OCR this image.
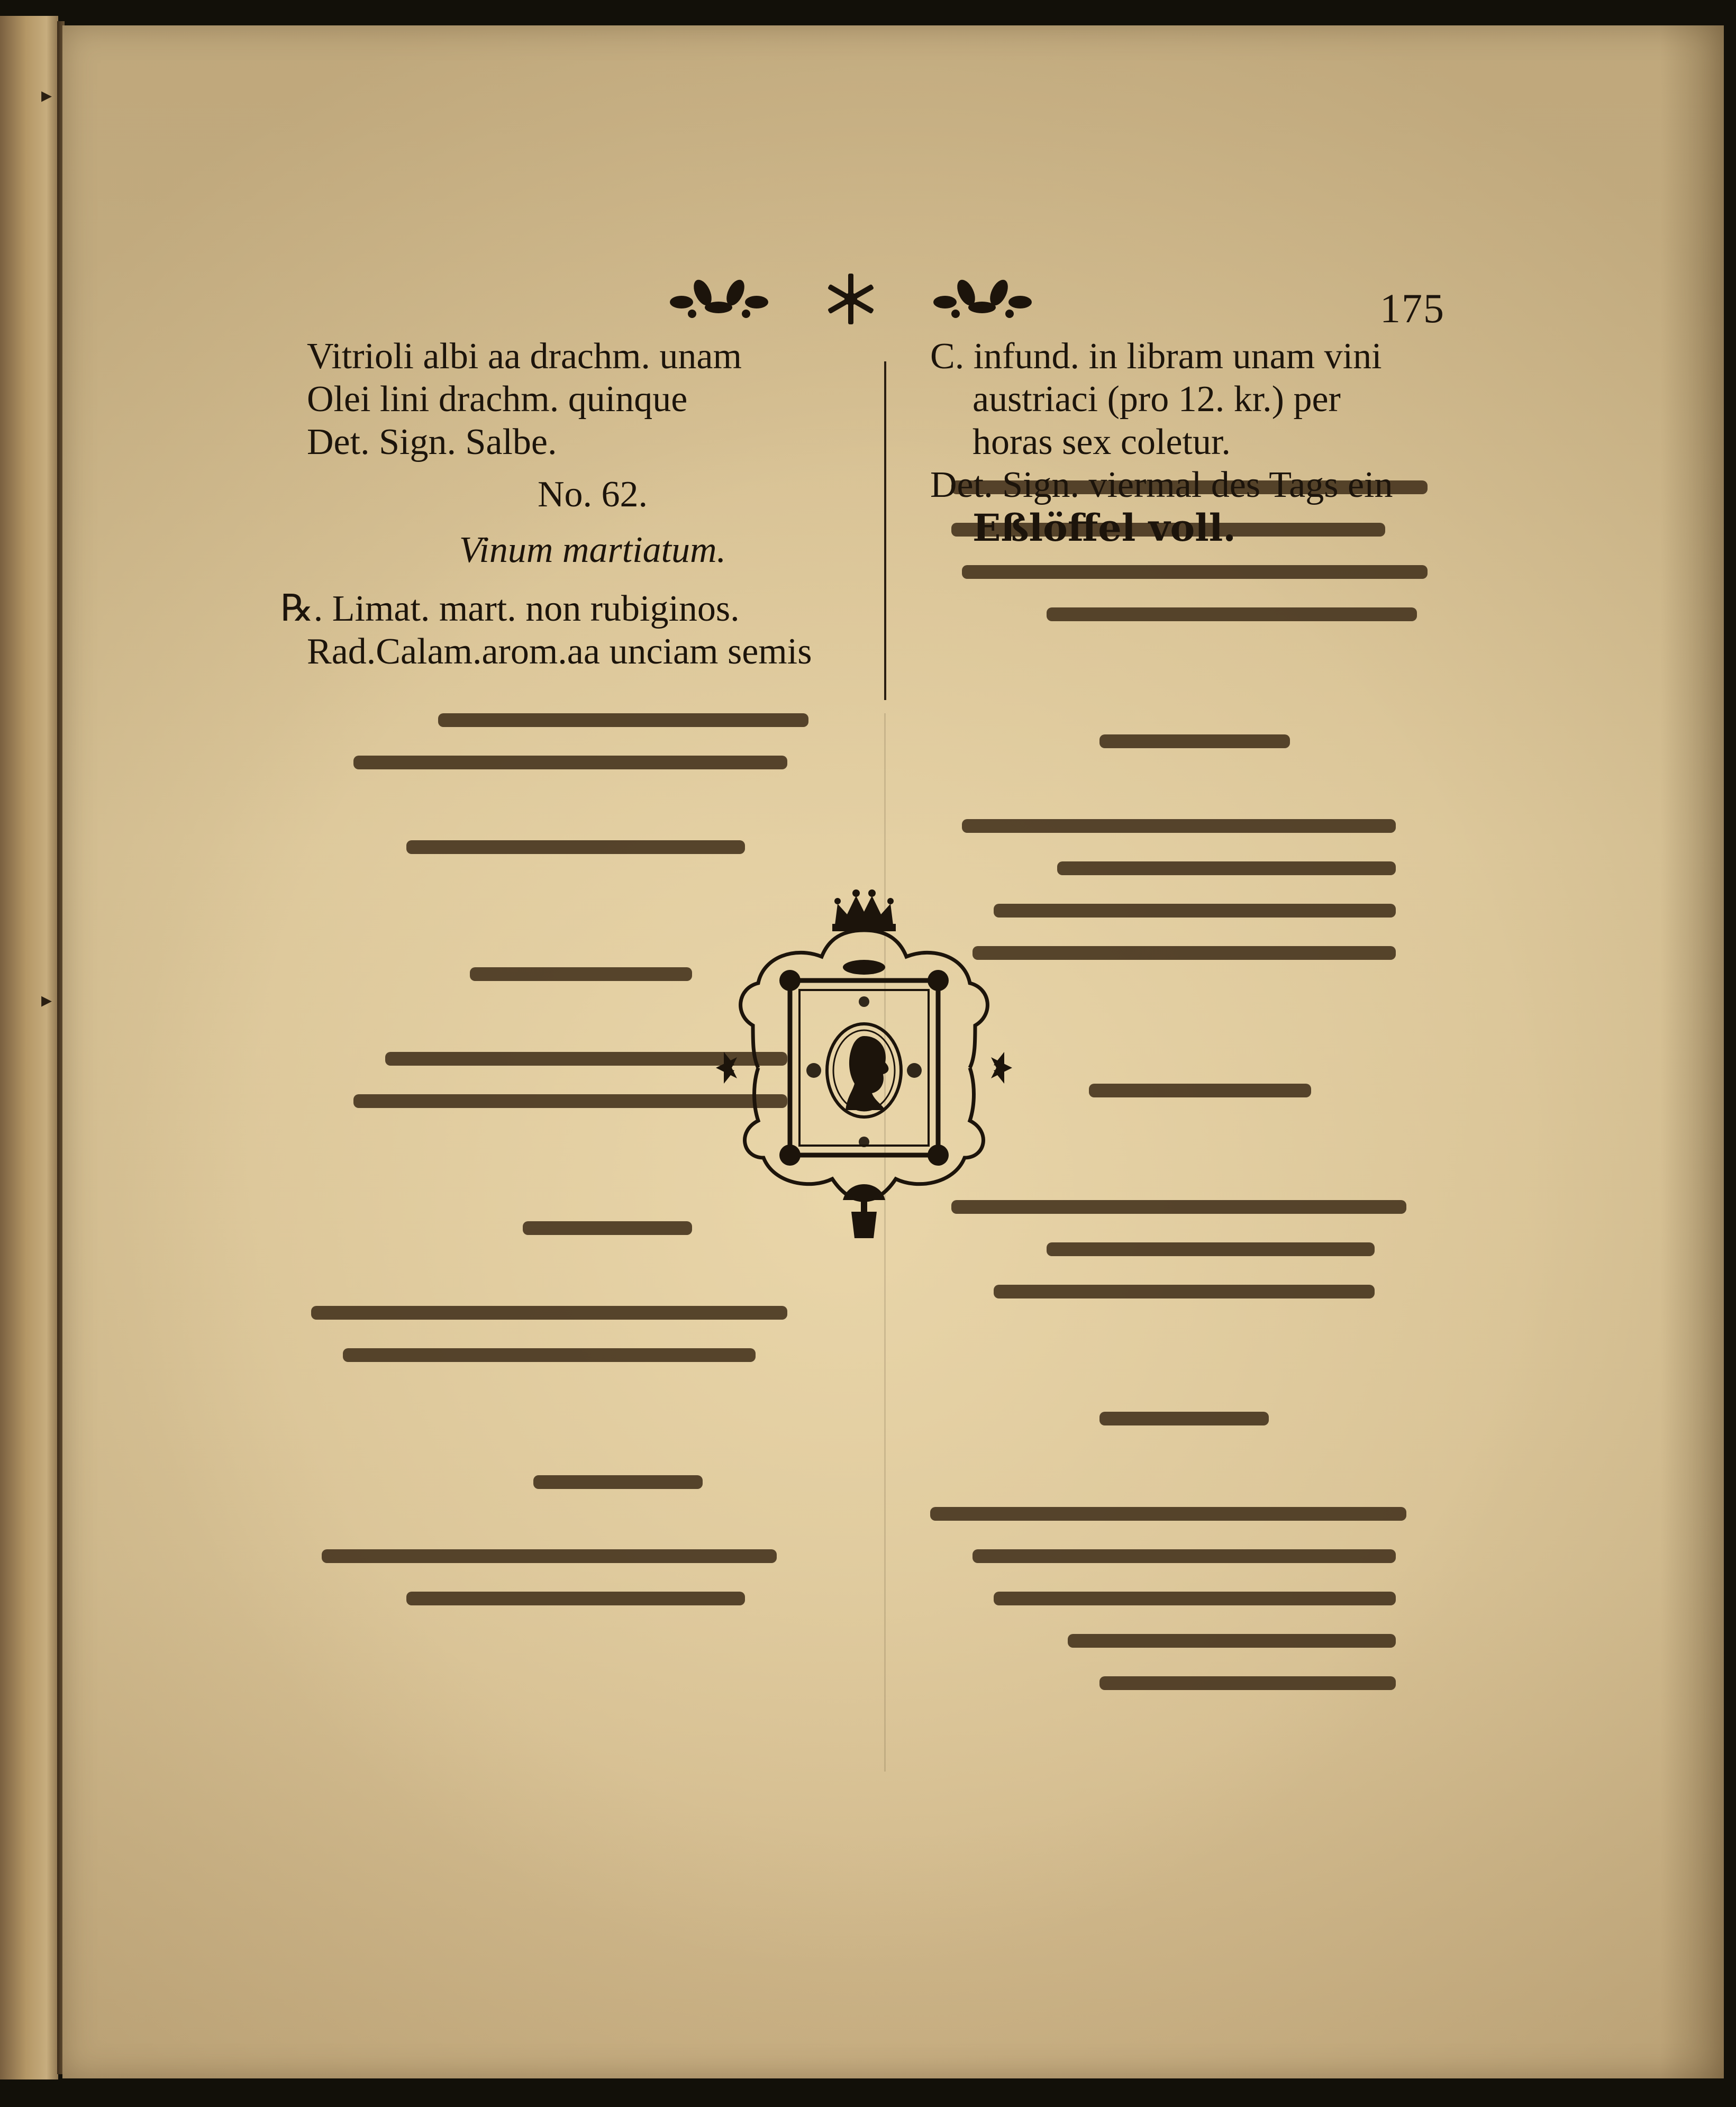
▸
▸

175
Vitrioli albi aa drachm. unam
Olei lini drachm. quinque
Det. Sign. Salbe.
No. 62.
Vinum martiatum.
℞. Limat. mart. non rubiginos.
Rad.Calam.arom.aa unciam semis
C. infund. in libram unam vini
austriaci (pro 12. kr.) per
horas sex coletur.
Det. Sign. viermal des Tags ein
Eßlöffel voll.
